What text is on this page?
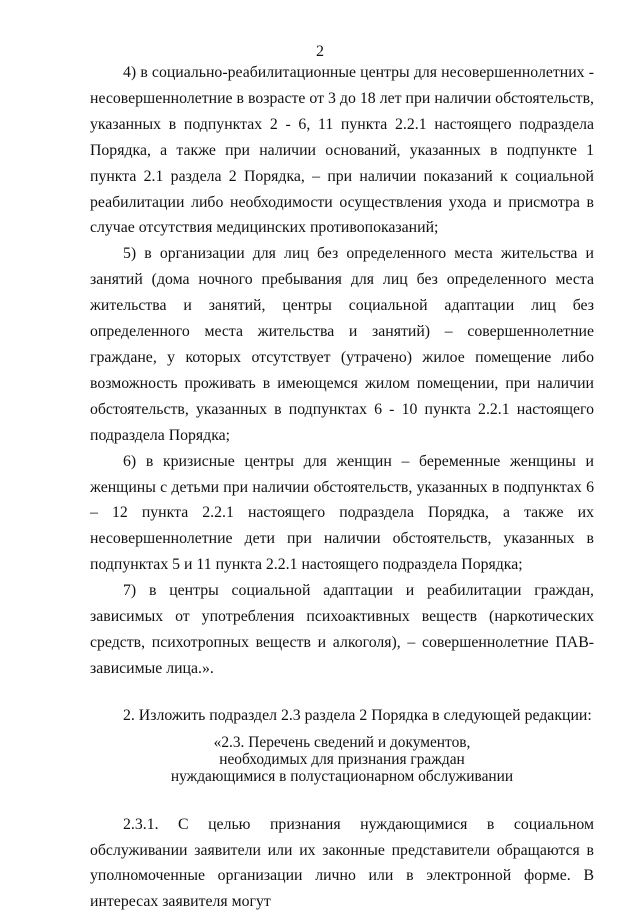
2

4) в социально-реабилитационные центры для несовершеннолетних - несовершеннолетние в возрасте от 3 до 18 лет при наличии обстоятельств, указанных в подпунктах 2 - 6, 11 пункта 2.2.1 настоящего подраздела Порядка, а также при наличии оснований, указанных в подпункте 1 пункта 2.1 раздела 2 Порядка, – при наличии показаний к социальной реабилитации либо необходимости осуществления ухода и присмотра в случае отсутствия медицинских противопоказаний;

5) в организации для лиц без определенного места жительства и занятий (дома ночного пребывания для лиц без определенного места жительства и занятий, центры социальной адаптации лиц без определенного места жительства и занятий) – совершеннолетние граждане, у которых отсутствует (утрачено) жилое помещение либо возможность проживать в имеющемся жилом помещении, при наличии обстоятельств, указанных в подпунктах 6 - 10 пункта 2.2.1 настоящего подраздела Порядка;

6) в кризисные центры для женщин – беременные женщины и женщины с детьми при наличии обстоятельств, указанных в подпунктах 6 – 12 пункта 2.2.1 настоящего подраздела Порядка, а также их несовершеннолетние дети при наличии обстоятельств, указанных в подпунктах 5 и 11 пункта 2.2.1 настоящего подраздела Порядка;

7) в центры социальной адаптации и реабилитации граждан, зависимых от употребления психоактивных веществ (наркотических средств, психотропных веществ и алкоголя), – совершеннолетние ПАВ-зависимые лица.».

2. Изложить подраздел 2.3 раздела 2 Порядка в следующей редакции:

«2.3. Перечень сведений и документов,
необходимых для признания граждан
нуждающимися в полустационарном обслуживании

2.3.1. С целью признания нуждающимися в социальном обслуживании заявители или их законные представители обращаются в уполномоченные организации лично или в электронной форме. В интересах заявителя могут
